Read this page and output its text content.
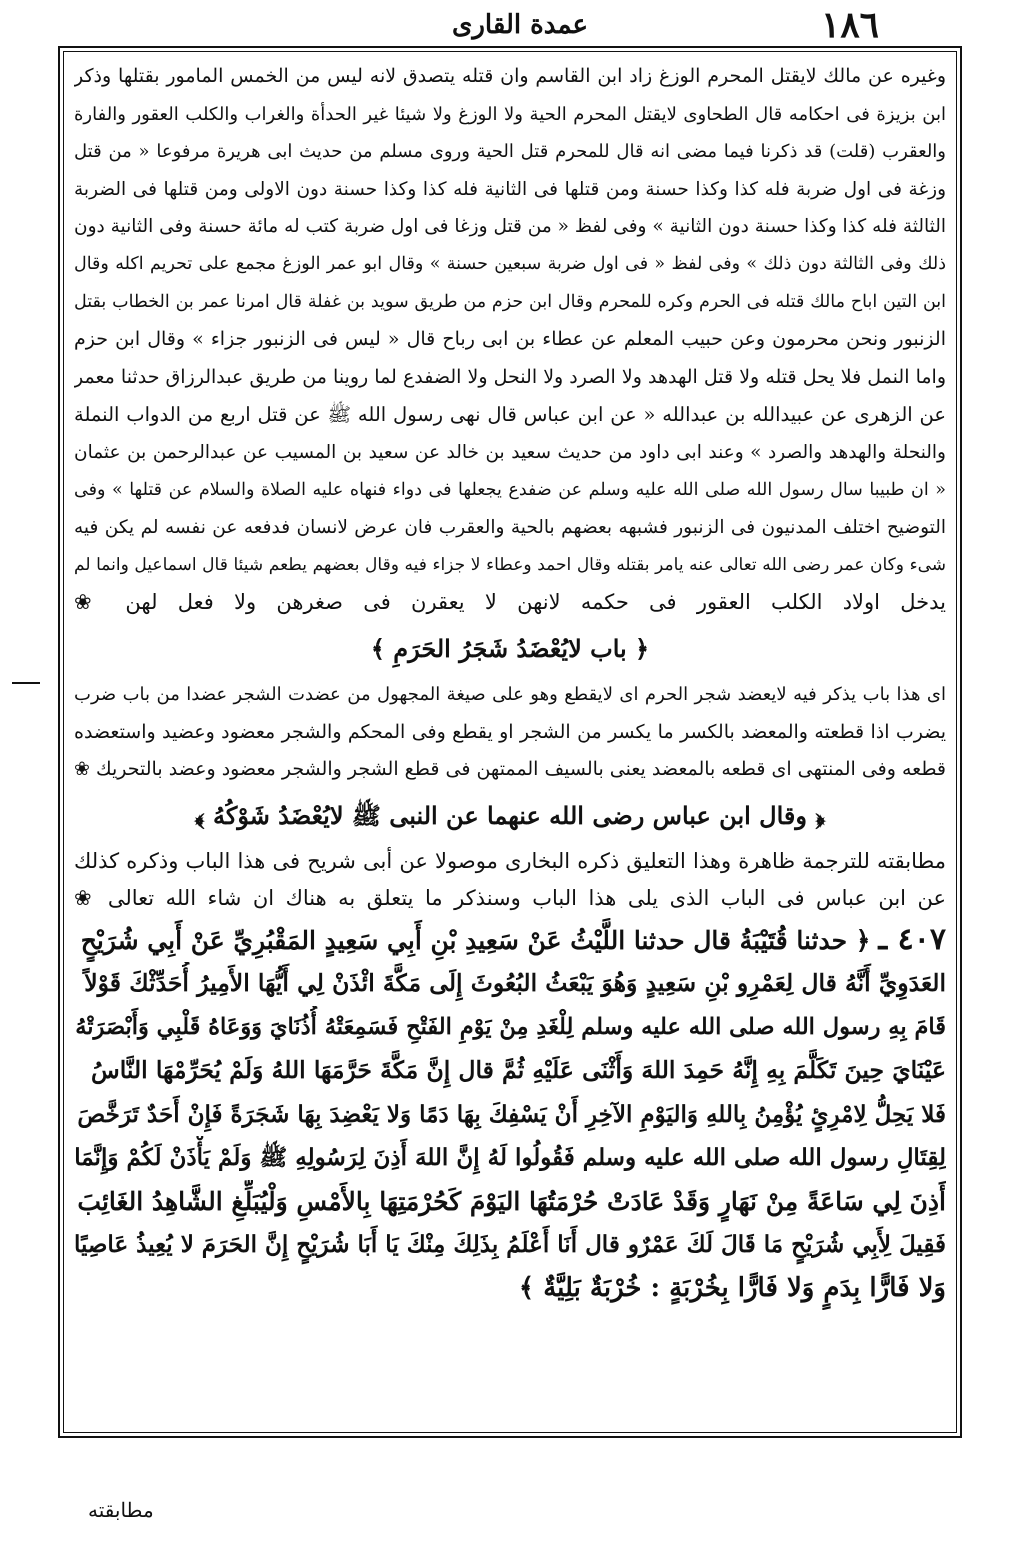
عمدة القارى	١٨٦
وغيره عن مالك لايقتل المحرم الوزغ زاد ابن القاسم وان قتله يتصدق لانه ليس من الخمس المامور بقتلها وذكر
ابن بزيزة فى احكامه قال الطحاوى لايقتل المحرم الحية ولا الوزغ ولا شيئا غير الحدأة والغراب والكلب العقور والفارة
والعقرب (قلت) قد ذكرنا فيما مضى انه قال للمحرم قتل الحية وروى مسلم من حديث ابى هريرة مرفوعا « من قتل
وزغة فى اول ضربة فله كذا وكذا حسنة ومن قتلها فى الثانية فله كذا وكذا حسنة دون الاولى ومن قتلها فى الضربة
الثالثة فله كذا وكذا حسنة دون الثانية » وفى لفظ « من قتل وزغا فى اول ضربة كتب له مائة حسنة وفى الثانية دون
ذلك وفى الثالثة دون ذلك » وفى لفظ « فى اول ضربة سبعين حسنة » وقال ابو عمر الوزغ مجمع على تحريم اكله وقال
ابن التين اباح مالك قتله فى الحرم وكره للمحرم وقال ابن حزم من طريق سويد بن غفلة قال امرنا عمر بن الخطاب بقتل
الزنبور ونحن محرمون وعن حبيب المعلم عن عطاء بن ابى رباح قال « ليس فى الزنبور جزاء » وقال ابن حزم
واما النمل فلا يحل قتله ولا قتل الهدهد ولا الصرد ولا النحل ولا الضفدع لما روينا من طريق عبدالرزاق حدثنا معمر
عن الزهرى عن عبيدالله بن عبدالله « عن ابن عباس قال نهى رسول الله ﷺ عن قتل اربع من الدواب النملة
والنحلة والهدهد والصرد » وعند ابى داود من حديث سعيد بن خالد عن سعيد بن المسيب عن عبدالرحمن بن عثمان
« ان طبيبا سال رسول الله صلى الله عليه وسلم عن ضفدع يجعلها فى دواء فنهاه عليه الصلاة والسلام عن قتلها » وفى
التوضيح اختلف المدنيون فى الزنبور فشبهه بعضهم بالحية والعقرب فان عرض لانسان فدفعه عن نفسه لم يكن فيه
شىء وكان عمر رضى الله تعالى عنه يامر بقتله وقال احمد وعطاء لا جزاء فيه وقال بعضهم يطعم شيئا قال اسماعيل وانما لم
يدخل اولاد الكلب العقور فى حكمه لانهن لا يعقرن فى صغرهن ولا فعل لهن ❀
﴿ باب لايُعْضَدُ شَجَرُ الحَرَمِ ﴾
اى هذا باب يذكر فيه لايعضد شجر الحرم اى لايقطع وهو على صيغة المجهول من عضدت الشجر عضدا من باب ضرب
يضرب اذا قطعته والمعضد بالكسر ما يكسر من الشجر او يقطع وفى المحكم والشجر معضود وعضيد واستعضده
قطعه وفى المنتهى اى قطعه بالمعضد يعنى بالسيف الممتهن فى قطع الشجر والشجر معضود وعضد بالتحريك ❀
﴿ وقال ابن عباس رضى الله عنهما عن النبى ﷺ لايُعْضَدُ شَوْكُهُ ﴾
مطابقته للترجمة ظاهرة وهذا التعليق ذكره البخارى موصولا عن أبى شريح فى هذا الباب وذكره كذلك
عن ابن عباس فى الباب الذى يلى هذا الباب وسنذكر ما يتعلق به هناك ان شاء الله تعالى ❀
٤٠٧ ـ﴿ حدثنا قُتَيْبَةُ قال حدثنا اللَّيْثُ عَنْ سَعِيدِ بْنِ أَبِي سَعِيدٍ المَقْبُرِيِّ عَنْ أَبِي شُرَيْحٍ
العَدَوِيِّ أَنَّهُ قال لِعَمْرِو بْنِ سَعِيدٍ وَهُوَ يَبْعَثُ البُعُوثَ إِلَى مَكَّةَ ائْذَنْ لِي أَيُّهَا الأَمِيرُ أُحَدِّثْكَ قَوْلاً
قَامَ بِهِ رسول الله صلى الله عليه وسلم لِلْغَدِ مِنْ يَوْمِ الفَتْحِ فَسَمِعَتْهُ أُذُنَايَ وَوَعَاهُ قَلْبِي وَأَبْصَرَتْهُ
عَيْنَايَ حِينَ تَكَلَّمَ بِهِ إِنَّهُ حَمِدَ اللهَ وَأَثْنَى عَلَيْهِ ثُمَّ قال إِنَّ مَكَّةَ حَرَّمَهَا اللهُ وَلَمْ يُحَرِّمْهَا النَّاسُ
فَلا يَحِلُّ لِامْرِئٍ يُؤْمِنُ بِاللهِ وَاليَوْمِ الآخِرِ أَنْ يَسْفِكَ بِهَا دَمًا وَلا يَعْضِدَ بِهَا شَجَرَةً فَإِنْ أَحَدٌ تَرَخَّصَ
لِقِتَالِ رسول الله صلى الله عليه وسلم فَقُولُوا لَهُ إِنَّ اللهَ أَذِنَ لِرَسُولِهِ ﷺ وَلَمْ يَأْذَنْ لَكُمْ وَإِنَّمَا
أَذِنَ لِي سَاعَةً مِنْ نَهَارٍ وَقَدْ عَادَتْ حُرْمَتُهَا اليَوْمَ كَحُرْمَتِهَا بِالأَمْسِ وَلْيُبَلِّغِ الشَّاهِدُ الغَائِبَ
فَقِيلَ لِأَبِي شُرَيْحٍ مَا قَالَ لَكَ عَمْرٌو قال أَنَا أَعْلَمُ بِذَلِكَ مِنْكَ يَا أَبَا شُرَيْحٍ إِنَّ الحَرَمَ لا يُعِيذُ عَاصِيًا
وَلا فَارًّا بِدَمٍ وَلا فَارًّا بِخُرْبَةٍ : خُرْبَةٌ بَلِيَّةٌ ﴾
مطابقته
